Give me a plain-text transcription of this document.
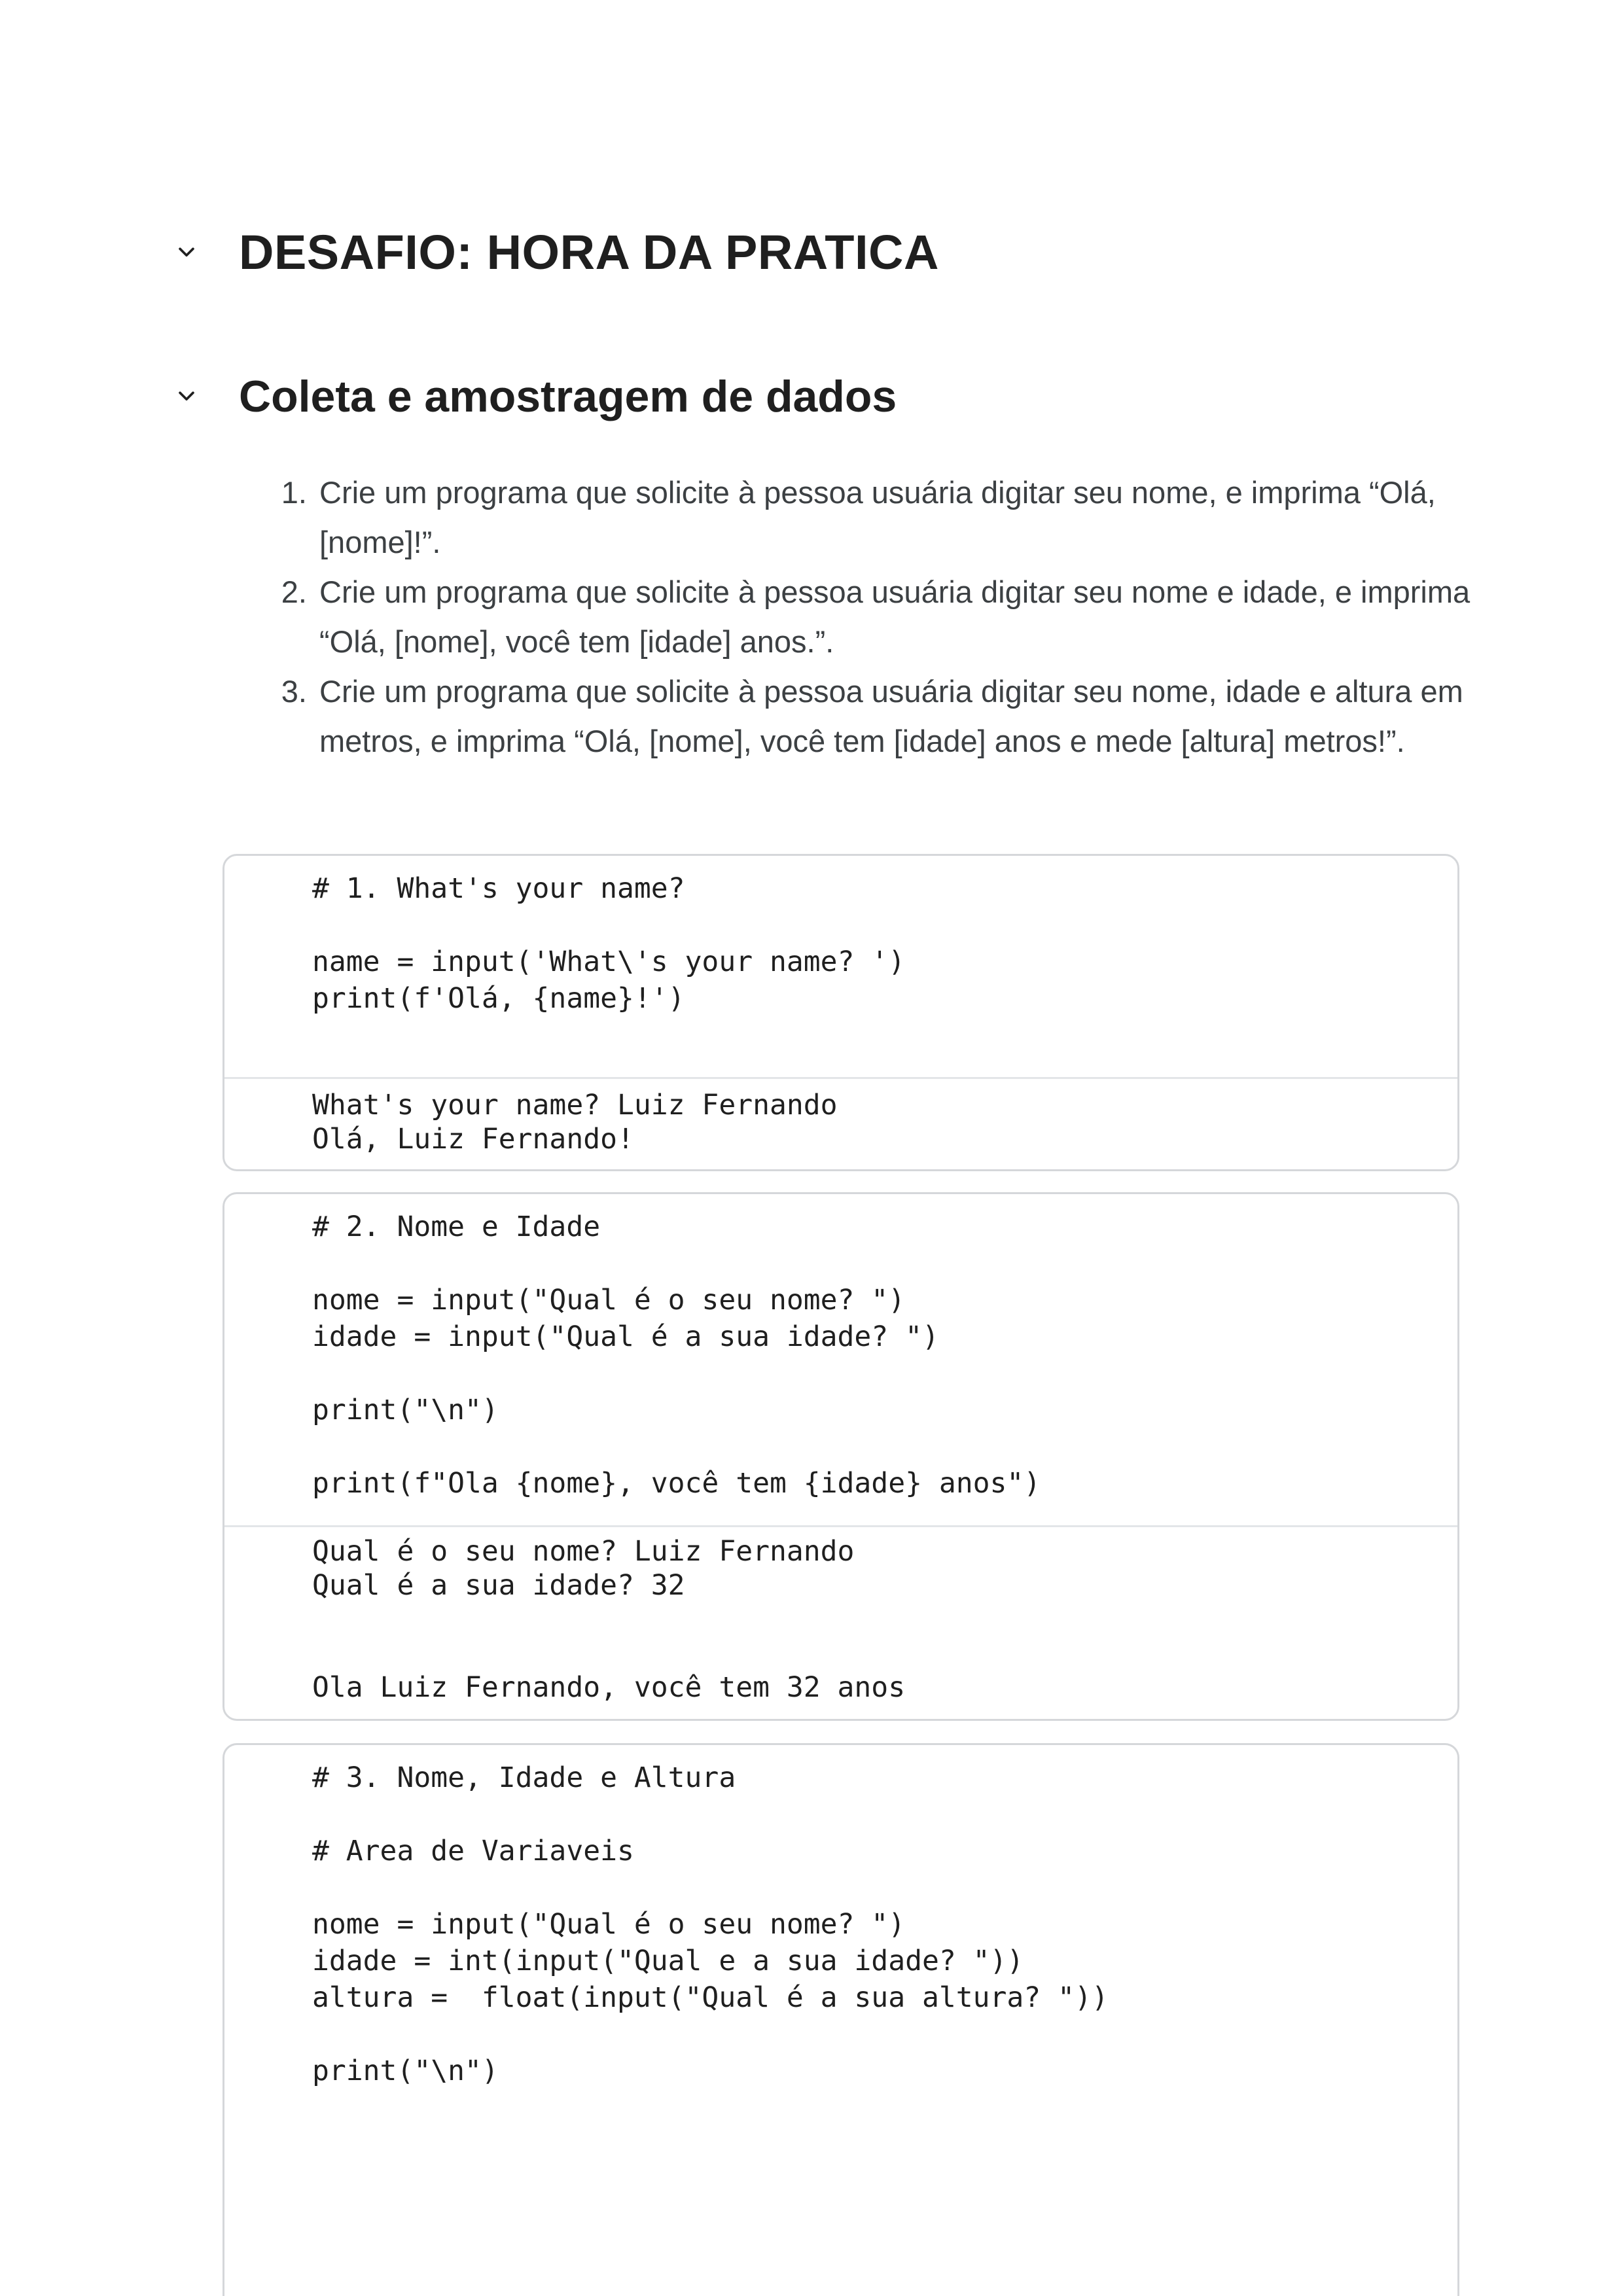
DESAFIO: HORA DA PRATICA
Coleta e amostragem de dados
1. Crie um programa que solicite à pessoa usuária digitar seu nome, e imprima “Olá, [nome]!”.
2. Crie um programa que solicite à pessoa usuária digitar seu nome e idade, e imprima “Olá, [nome], você tem [idade] anos.”.
3. Crie um programa que solicite à pessoa usuária digitar seu nome, idade e altura em metros, e imprima “Olá, [nome], você tem [idade] anos e mede [altura] metros!”.
# 1. What's your name?

name = input('What\'s your name? ')
print(f'Olá, {name}!')
What's your name? Luiz Fernando
Olá, Luiz Fernando!
# 2. Nome e Idade

nome = input("Qual é o seu nome? ")
idade = input("Qual é a sua idade? ")

print("\n")

print(f"Ola {nome}, você tem {idade} anos")
Qual é o seu nome? Luiz Fernando
Qual é a sua idade? 32

Ola Luiz Fernando, você tem 32 anos
# 3. Nome, Idade e Altura

# Area de Variaveis

nome = input("Qual é o seu nome? ")
idade = int(input("Qual e a sua idade? "))
altura =  float(input("Qual é a sua altura? "))

print("\n")
